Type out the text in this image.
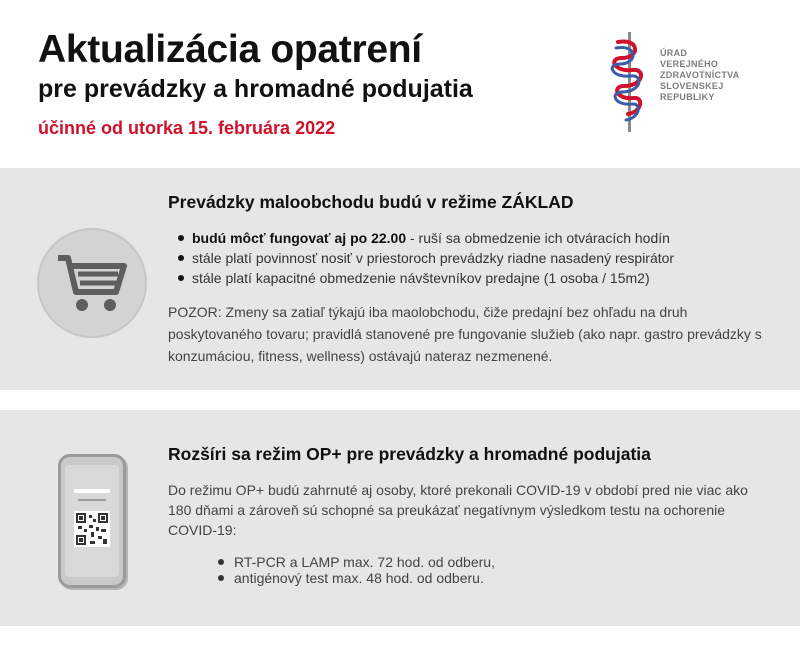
Aktualizácia opatrení
pre prevádzky a hromadné podujatia
účinné od utorka 15. februára 2022
ÚRAD
VEREJNÉHO
ZDRAVOTNÍCTVA
SLOVENSKEJ
REPUBLIKY
Prevádzky maloobchodu budú v režime ZÁKLAD
budú môcť fungovať aj po 22.00 - ruší sa obmedzenie ich otváracích hodín
stále platí povinnosť nosiť v priestoroch prevádzky riadne nasadený respirátor
stále platí kapacitné obmedzenie návštevníkov predajne (1 osoba / 15m2)
POZOR: Zmeny sa zatiaľ týkajú iba maolobchodu, čiže predajní bez ohľadu na druh poskytovaného tovaru; pravidlá stanovené pre fungovanie služieb (ako napr. gastro prevádzky s konzumáciou, fitness, wellness) ostávajú nateraz nezmenené.
Rozšíri sa režim OP+ pre prevádzky a hromadné podujatia
Do režimu OP+ budú zahrnuté aj osoby, ktoré prekonali COVID-19 v období pred nie viac ako 180 dňami a zároveň sú schopné sa preukázať negatívnym výsledkom testu na ochorenie COVID-19:
RT-PCR a LAMP max. 72 hod. od odberu,
antigénový test max. 48 hod. od odberu.
